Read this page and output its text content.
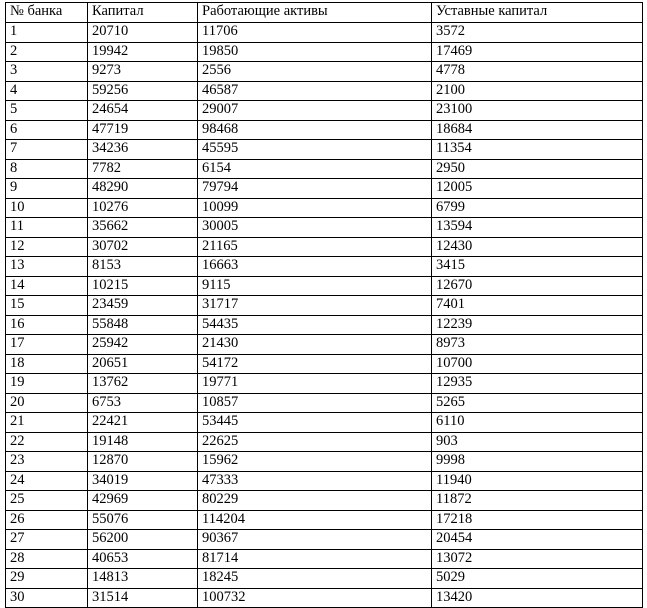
№ банка	Капитал	Работающие активы	Уставные капитал
1	20710	11706	3572
2	19942	19850	17469
3	9273	2556	4778
4	59256	46587	2100
5	24654	29007	23100
6	47719	98468	18684
7	34236	45595	11354
8	7782	6154	2950
9	48290	79794	12005
10	10276	10099	6799
11	35662	30005	13594
12	30702	21165	12430
13	8153	16663	3415
14	10215	9115	12670
15	23459	31717	7401
16	55848	54435	12239
17	25942	21430	8973
18	20651	54172	10700
19	13762	19771	12935
20	6753	10857	5265
21	22421	53445	6110
22	19148	22625	903
23	12870	15962	9998
24	34019	47333	11940
25	42969	80229	11872
26	55076	114204	17218
27	56200	90367	20454
28	40653	81714	13072
29	14813	18245	5029
30	31514	100732	13420
